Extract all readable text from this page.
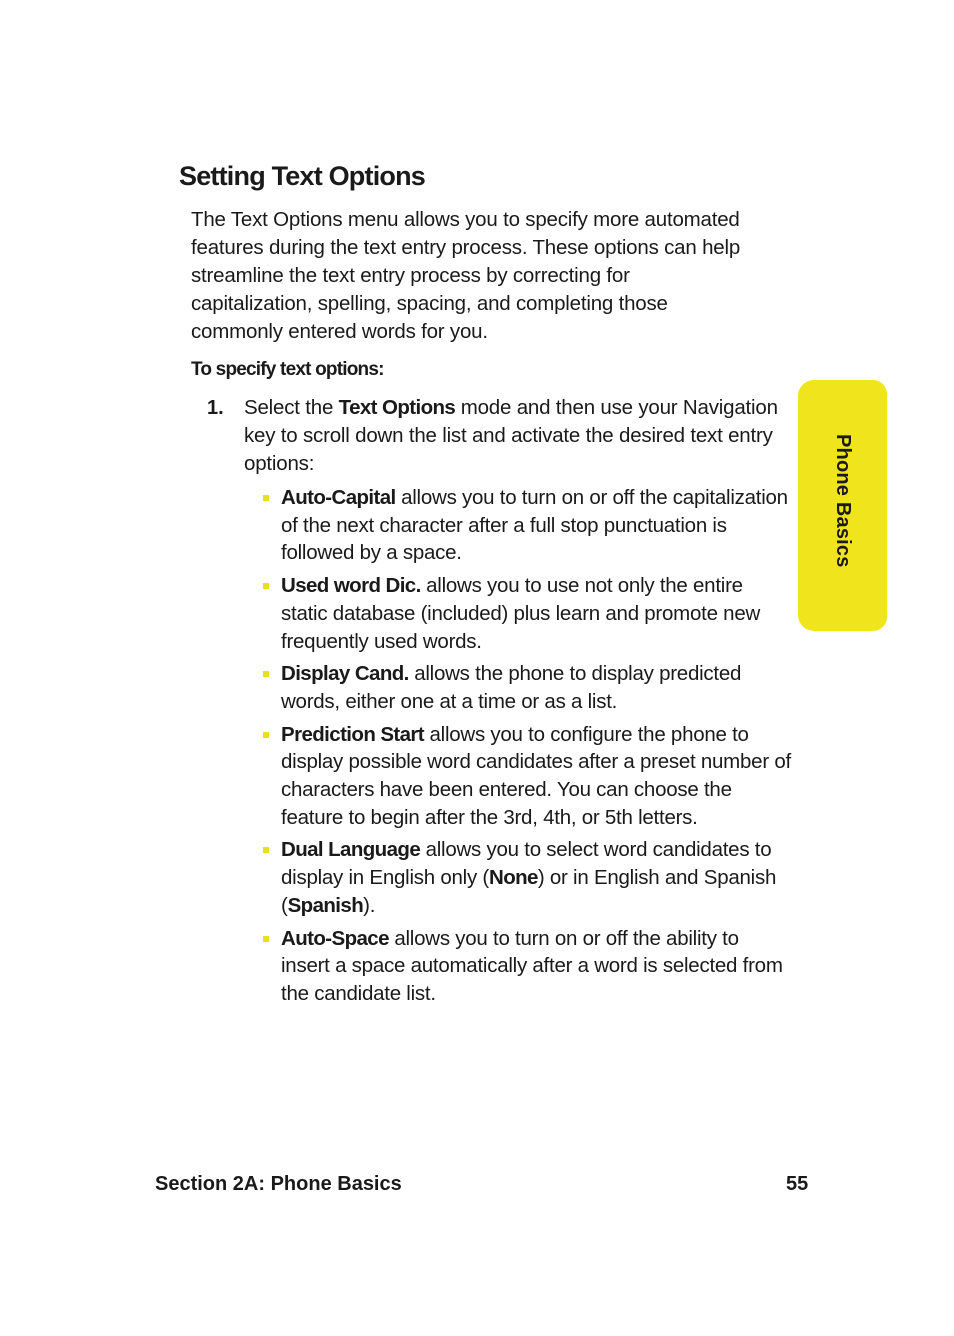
Setting Text Options

The Text Options menu allows you to specify more automated features during the text entry process. These options can help streamline the text entry process by correcting for capitalization, spelling, spacing, and completing those commonly entered words for you.

To specify text options:

1. Select the Text Options mode and then use your Navigation key to scroll down the list and activate the desired text entry options:

Auto-Capital allows you to turn on or off the capitalization of the next character after a full stop punctuation is followed by a space.
Used word Dic. allows you to use not only the entire static database (included) plus learn and promote new frequently used words.
Display Cand. allows the phone to display predicted words, either one at a time or as a list.
Prediction Start allows you to configure the phone to display possible word candidates after a preset number of characters have been entered. You can choose the feature to begin after the 3rd, 4th, or 5th letters.
Dual Language allows you to select word candidates to display in English only (None) or in English and Spanish (Spanish).
Auto-Space allows you to turn on or off the ability to insert a space automatically after a word is selected from the candidate list.
Phone Basics
Section 2A: Phone Basics	55
